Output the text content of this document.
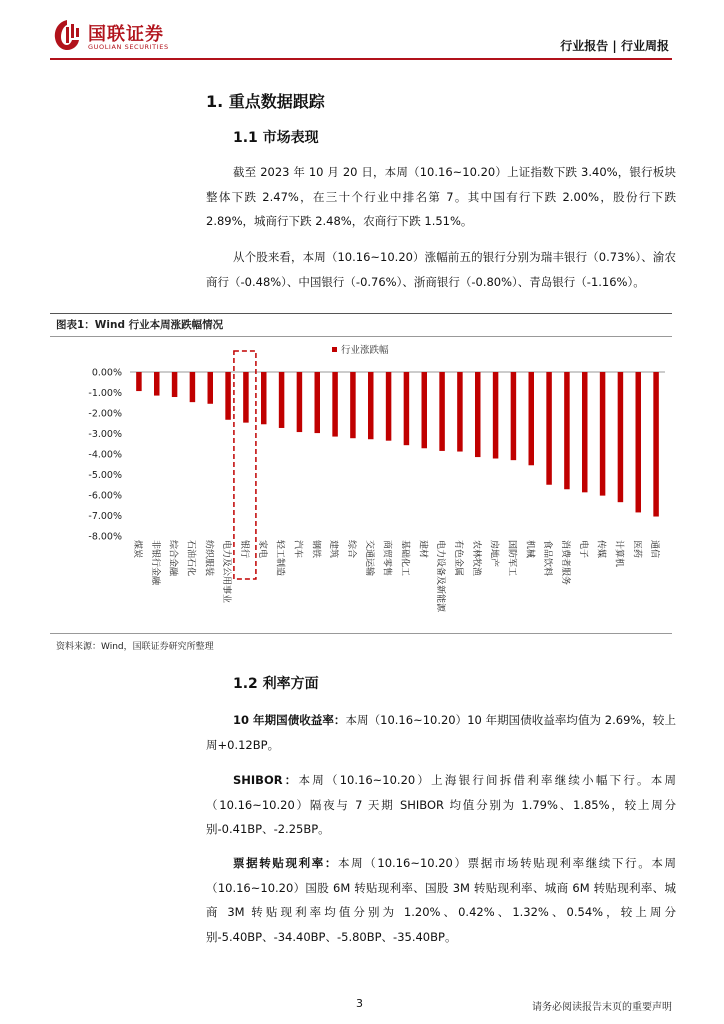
国联证券
GUOLIAN SECURITIES	行业报告 | 行业周报
1. 重点数据跟踪
1.1 市场表现
截至 2023 年 10 月 20 日，本周（10.16~10.20）上证指数下跌 3.40%，银行板块整体下跌 2.47%，在三十个行业中排名第 7。其中国有行下跌 2.00%，股份行下跌 2.89%，城商行下跌 2.48%，农商行下跌 1.51%。
从个股来看，本周（10.16~10.20）涨幅前五的银行分别为瑞丰银行（0.73%）、渝农商行（-0.48%）、中国银行（-0.76%）、浙商银行（-0.80%）、青岛银行（-1.16%）。
图表1：Wind 行业本周涨跌幅情况
0.00%
-1.00%
-2.00%
-3.00%
-4.00%
-5.00%
-6.00%
-7.00%
-8.00%
行业涨跌幅
煤炭 非银行金融 综合金融 石油石化 纺织服装 电力及公用事业 银行 家电 轻工制造 汽车 钢铁 建筑 综合 交通运输 商贸零售 基础化工 建材 电力设备及新能源 有色金属 农林牧渔 房地产 国防军工 机械 食品饮料 消费者服务 电子 传媒 计算机 医药 通信
资料来源：Wind，国联证券研究所整理
1.2 利率方面
10 年期国债收益率：本周（10.16~10.20）10 年期国债收益率均值为 2.69%，较上周+0.12BP。
SHIBOR：本周（10.16~10.20）上海银行间拆借利率继续小幅下行。本周（10.16~10.20）隔夜与 7 天期 SHIBOR 均值分别为 1.79%、1.85%，较上周分别-0.41BP、-2.25BP。
票据转贴现利率：本周（10.16~10.20）票据市场转贴现利率继续下行。本周（10.16~10.20）国股 6M 转贴现利率、国股 3M 转贴现利率、城商 6M 转贴现利率、城商 3M 转贴现利率均值分别为 1.20%、0.42%、1.32%、0.54%，较上周分别-5.40BP、-34.40BP、-5.80BP、-35.40BP。
3	请务必阅读报告末页的重要声明
